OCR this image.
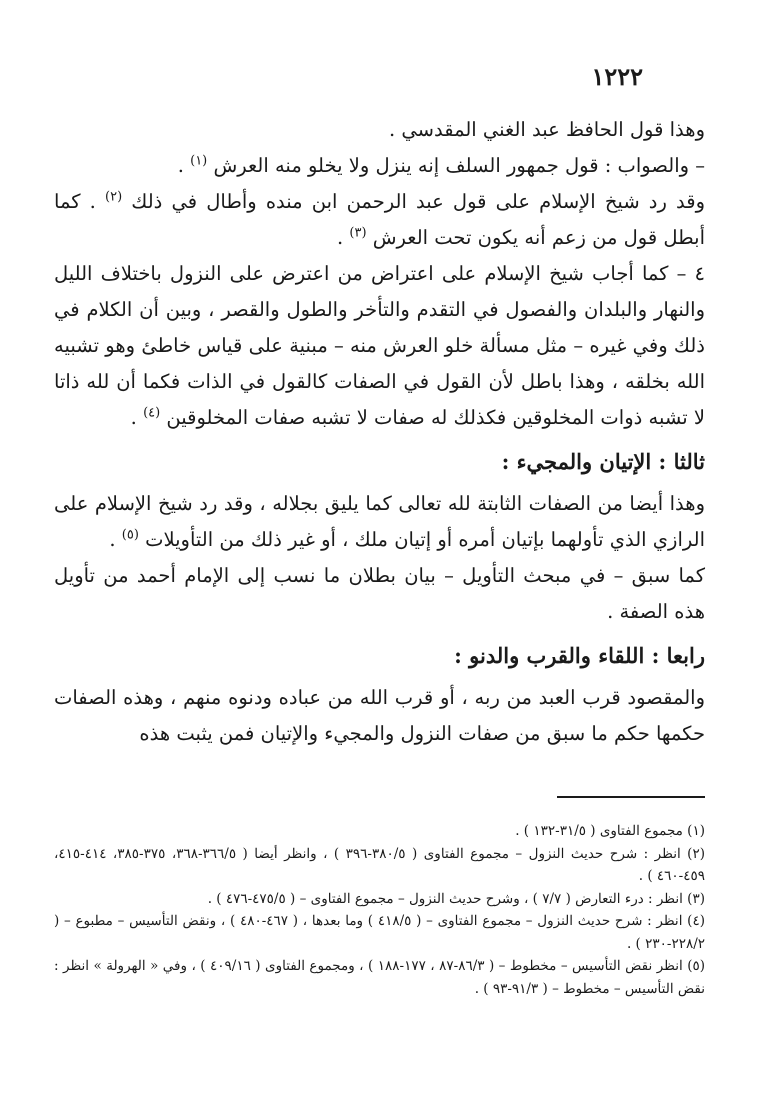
١٢٢٢

وهذا قول الحافظ عبد الغني المقدسي .

– والصواب : قول جمهور السلف إنه ينزل ولا يخلو منه العرش $^{(١)}$ .

وقد رد شيخ الإسلام على قول عبد الرحمن ابن منده وأطال في ذلك $^{(٢)}$ . كما أبطل قول من زعم أنه يكون تحت العرش $^{(٣)}$ .

٤ – كما أجاب شيخ الإسلام على اعتراض من اعترض على النزول باختلاف الليل والنهار والبلدان والفصول في التقدم والتأخر والطول والقصر ، وبين أن الكلام في ذلك وفي غيره – مثل مسألة خلو العرش منه – مبنية على قياس خاطئ وهو تشبيه الله بخلقه ، وهذا باطل لأن القول في الصفات كالقول في الذات فكما أن لله ذاتا لا تشبه ذوات المخلوقين فكذلك له صفات لا تشبه صفات المخلوقين $^{(٤)}$ .

ثالثا : الإتيان والمجيء :

وهذا أيضا من الصفات الثابتة لله تعالى كما يليق بجلاله ، وقد رد شيخ الإسلام على الرازي الذي تأولهما بإتيان أمره أو إتيان ملك ، أو غير ذلك من التأويلات $^{(٥)}$ .

كما سبق – في مبحث التأويل – بيان بطلان ما نسب إلى الإمام أحمد من تأويل هذه الصفة .

رابعا : اللقاء والقرب والدنو :

والمقصود قرب العبد من ربه ، أو قرب الله من عباده ودنوه منهم ، وهذه الصفات حكمها حكم ما سبق من صفات النزول والمجيء والإتيان فمن يثبت هذه

(١) مجموع الفتاوى ( ٣١/٥-١٣٢ ) .

(٢) انظر : شرح حديث النزول – مجموع الفتاوى ( ٣٨٠/٥-٣٩٦ ) ، وانظر أيضا ( ٣٦٦/٥-٣٦٨، ٣٧٥-٣٨٥، ٤١٤-٤١٥، ٤٥٩-٤٦٠ ) .

(٣) انظر : درء التعارض ( ٧/٧ ) ، وشرح حديث النزول – مجموع الفتاوى – ( ٤٧٥/٥-٤٧٦ ) .

(٤) انظر : شرح حديث النزول – مجموع الفتاوى – ( ٤١٨/٥ ) وما بعدها ، ( ٤٦٧-٤٨٠ ) ، ونقض التأسيس – مطبوع – ( ٢٢٨/٢-٢٣٠ ) .

(٥) انظر نقض التأسيس – مخطوط – ( ٨٦/٣-٨٧ ، ١٧٧-١٨٨ ) ، ومجموع الفتاوى ( ٤٠٩/١٦ ) ، وفي « الهرولة » انظر : نقض التأسيس – مخطوط – ( ٩١/٣-٩٣ ) .
